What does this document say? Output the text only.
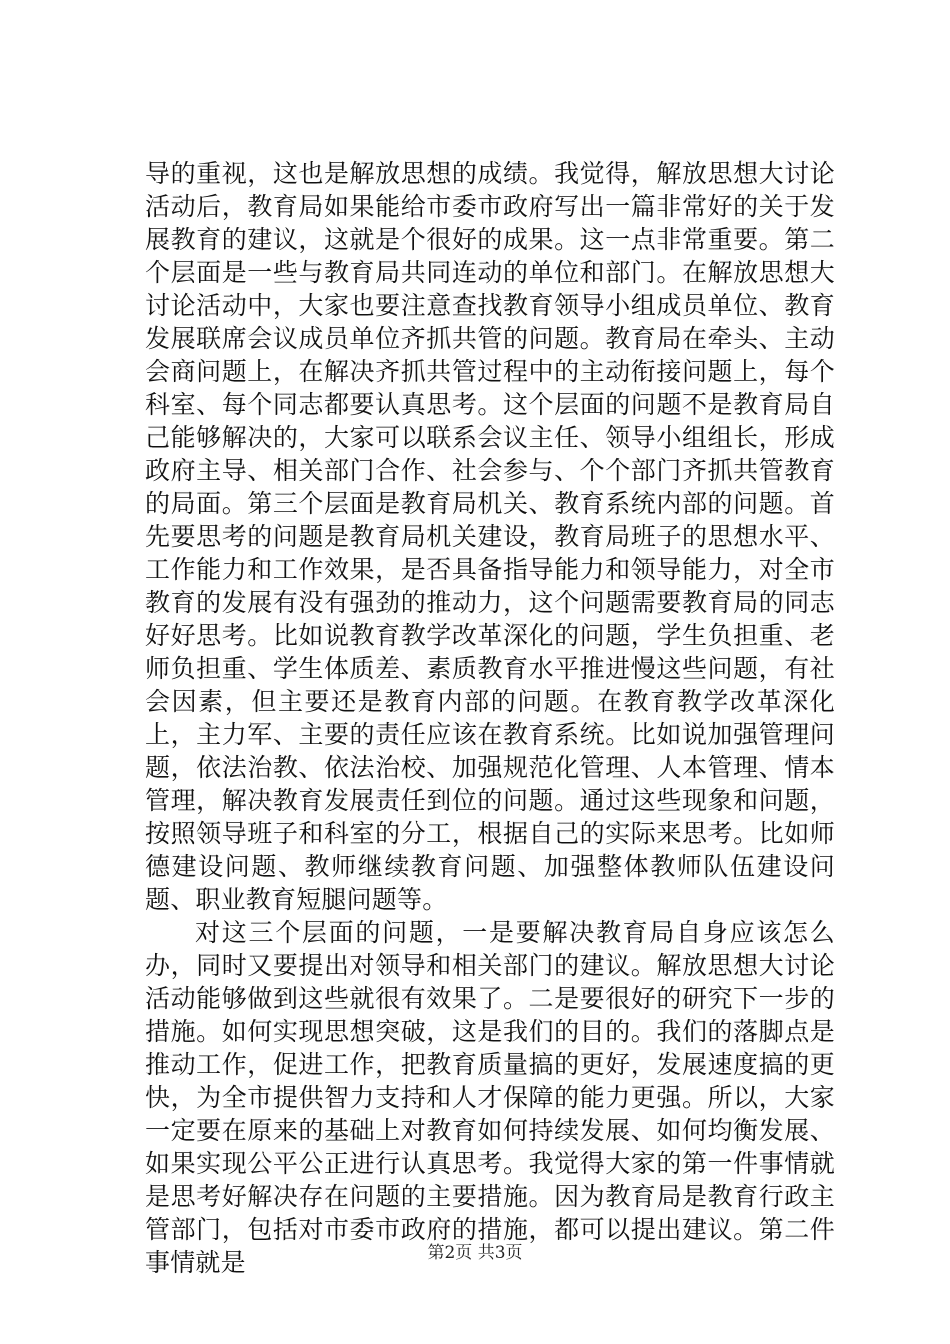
导的重视，这也是解放思想的成绩。我觉得，解放思想大讨论活动后，教育局如果能给市委市政府写出一篇非常好的关于发展教育的建议，这就是个很好的成果。这一点非常重要。第二个层面是一些与教育局共同连动的单位和部门。在解放思想大讨论活动中，大家也要注意查找教育领导小组成员单位、教育发展联席会议成员单位齐抓共管的问题。教育局在牵头、主动会商问题上，在解决齐抓共管过程中的主动衔接问题上，每个科室、每个同志都要认真思考。这个层面的问题不是教育局自己能够解决的，大家可以联系会议主任、领导小组组长，形成政府主导、相关部门合作、社会参与、个个部门齐抓共管教育的局面。第三个层面是教育局机关、教育系统内部的问题。首先要思考的问题是教育局机关建设，教育局班子的思想水平、工作能力和工作效果，是否具备指导能力和领导能力，对全市教育的发展有没有强劲的推动力，这个问题需要教育局的同志好好思考。比如说教育教学改革深化的问题，学生负担重、老师负担重、学生体质差、素质教育水平推进慢这些问题，有社会因素，但主要还是教育内部的问题。在教育教学改革深化上，主力军、主要的责任应该在教育系统。比如说加强管理问题，依法治教、依法治校、加强规范化管理、人本管理、情本管理，解决教育发展责任到位的问题。通过这些现象和问题，按照领导班子和科室的分工，根据自己的实际来思考。比如师德建设问题、教师继续教育问题、加强整体教师队伍建设问题、职业教育短腿问题等。

对这三个层面的问题，一是要解决教育局自身应该怎么办，同时又要提出对领导和相关部门的建议。解放思想大讨论活动能够做到这些就很有效果了。二是要很好的研究下一步的措施。如何实现思想突破，这是我们的目的。我们的落脚点是推动工作，促进工作，把教育质量搞的更好，发展速度搞的更快，为全市提供智力支持和人才保障的能力更强。所以，大家一定要在原来的基础上对教育如何持续发展、如何均衡发展、如果实现公平公正进行认真思考。我觉得大家的第一件事情就是思考好解决存在问题的主要措施。因为教育局是教育行政主管部门，包括对市委市政府的措施，都可以提出建议。第二件事情就是	第2页 共3页
